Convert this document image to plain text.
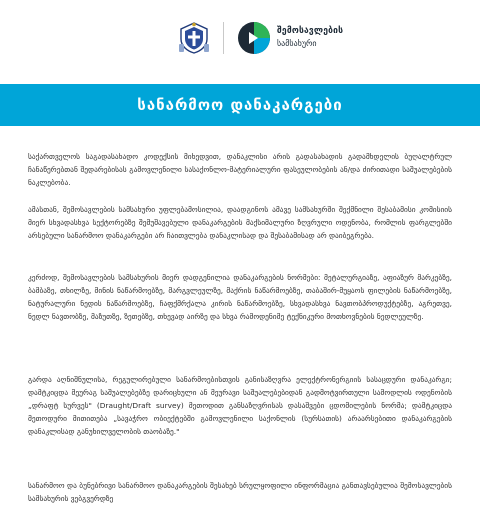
შემოსავლების
სამსახური
სანარმოო დანაკარგები

საქართველოს საგადასახადო კოდექსის მიხედვით, დანაკლისი არის გადასახადის გადამხდელის ბუღალტრულ ჩანაწერებთან შედარებისას გამოვლენილი სასაქონლო-მატერიალური ფასეულობების ან/და ძირითადი საშუალებების ნაკლებობა.

ამასთან, შემოსავლების სამსახური უფლებამოსილია, დაადგინოს ამავე სამსახურში შექმნილი შესაბამისი კომისიის მიერ სხვადასხვა სექტორებზე შემუშავებული დანაკარგების მაქსიმალური ზღვრული ოდენობა, რომლის ფარგლებში არსებული სანარმოო დანაკარგები არ ჩაითვლება დანაკლისად და შესაბამისად არ დაიბეგრება.

კერძოდ, შემოსავლების სამსახურის მიერ დადგენილია დანაკარგების ნორმები: მეტალურგიაზე, აფიაზურ მარკებზე, ბამბაზე, თხილზე, მინის ნაწარმოებზე, მარგვლეულზე, მაქრის ნაწარმოებზე, თაბაშირ-მუყაოს ფილების ნაწარმოებზე, ნატურალური ნედის ნაწარმოებზე, ჩაფქმრქალა კირის ნაწარმოებზე, სხვადასხვა ნავთობპროდუქტებზე, აგრეთვე, ნედლ ნავთობზე, მაზუთზე, ზეთებზე, თხევად აირზე და სხვა რამოდენიმე ტექნიკური მოთხოვნების ნედლეულზე.

გარდა აღნიშნულისა, რეგულირებული სანარმოებისთვის განისაზღვრა ელექტრონერგიის სასაცდური დანაკარგი; დამტკიცდა მეურაგ საშუალებებზე დარიცხული ან მეურავი საშუალებებიდან გადმოტვირთული სამოდლის ოდენობის „დრაფტ სურვეს" (Draught/Draft survey) მეთოდით განსაზღვრისას დასაშვები ცდომილების ნორმა; დამტკიცდა მეთოდური მითითება „სავაჭრო ობიექტებში გამოვლენილი საქონლის (სურსათის) არაარსებითი დანაკარგების დანაკლისად განუხილველობის თაობაზე."

სანარმოო და ბუნებრივი სანარმოო დანაკარგების შესახებ სრულყოფილი ინფორმაცია განთავსებულია შემოსავლების სამსახურის ვებგვერდზე
